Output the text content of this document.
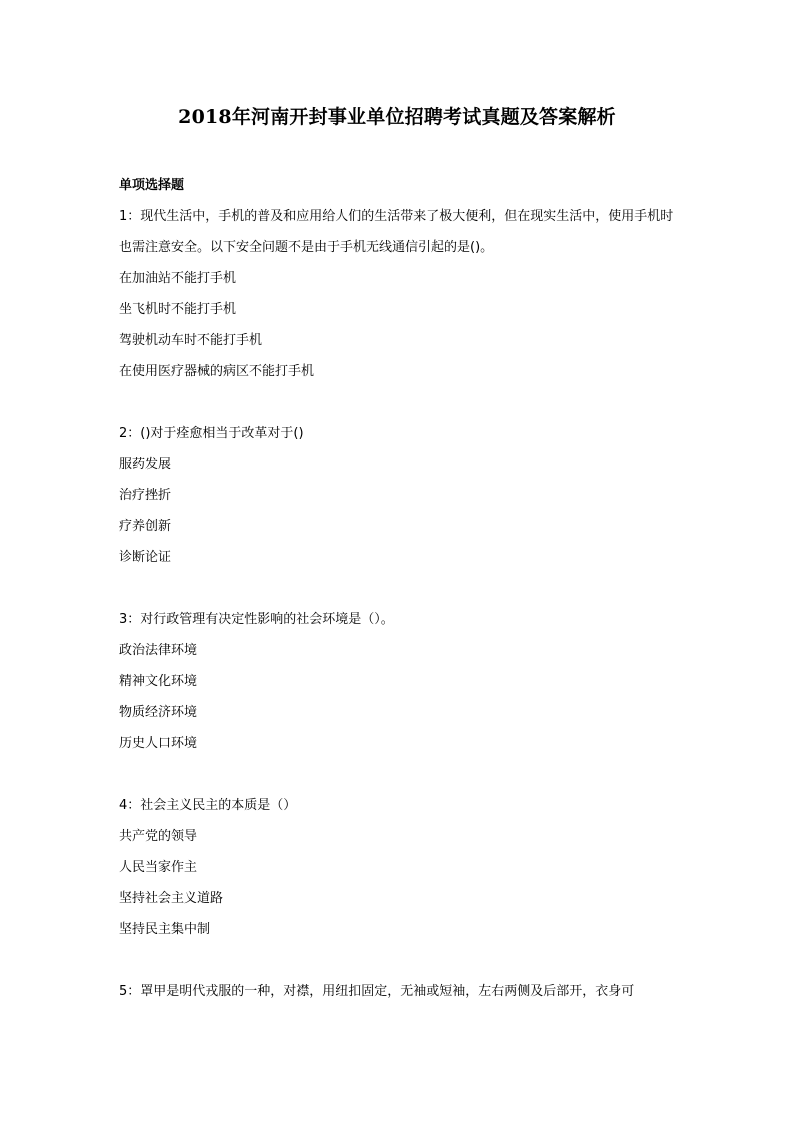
2018年河南开封事业单位招聘考试真题及答案解析
单项选择题
1：现代生活中，手机的普及和应用给人们的生活带来了极大便利，但在现实生活中，使用手机时也需注意安全。以下安全问题不是由于手机无线通信引起的是()。
在加油站不能打手机
坐飞机时不能打手机
驾驶机动车时不能打手机
在使用医疗器械的病区不能打手机
2：()对于痊愈相当于改革对于()
服药发展
治疗挫折
疗养创新
诊断论证
3：对行政管理有决定性影响的社会环境是（）。
政治法律环境
精神文化环境
物质经济环境
历史人口环境
4：社会主义民主的本质是（）
共产党的领导
人民当家作主
坚持社会主义道路
坚持民主集中制
5：罩甲是明代戎服的一种，对襟，用纽扣固定，无袖或短袖，左右两侧及后部开，衣身可
